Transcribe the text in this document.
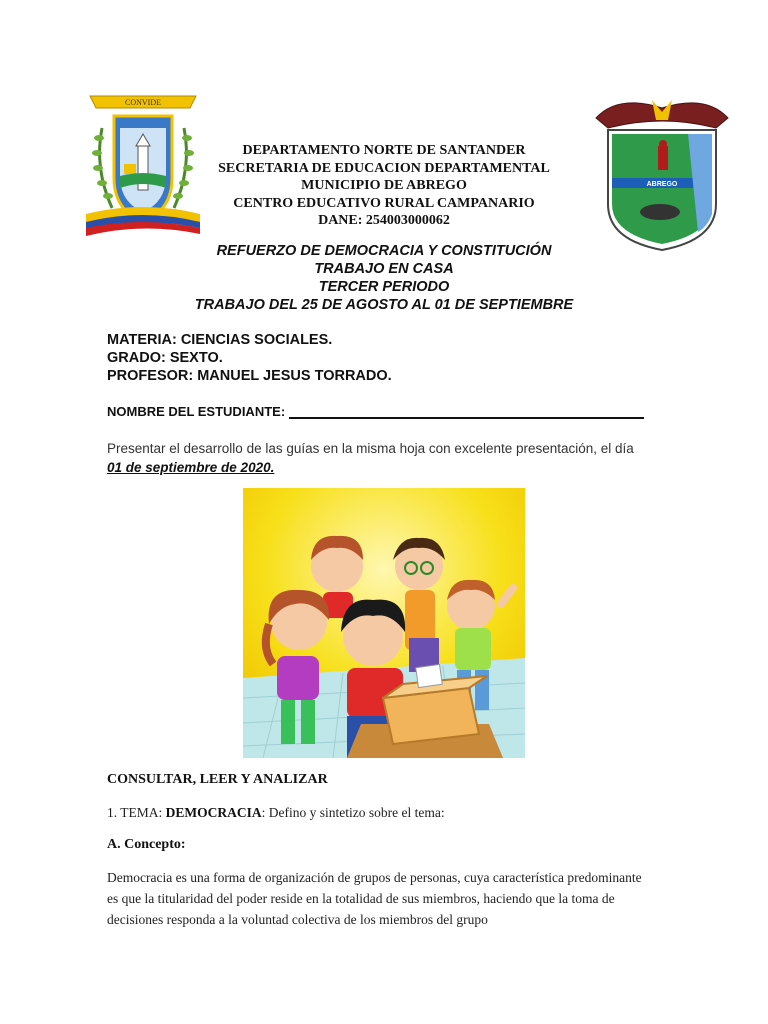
CONVIDE
ABREGO
DEPARTAMENTO NORTE DE SANTANDER
SECRETARIA DE EDUCACION DEPARTAMENTAL
MUNICIPIO DE ABREGO
CENTRO EDUCATIVO RURAL CAMPANARIO
DANE: 254003000062
REFUERZO DE DEMOCRACIA Y CONSTITUCIÓN
TRABAJO EN CASA
TERCER PERIODO
TRABAJO DEL 25 DE AGOSTO AL 01 DE SEPTIEMBRE
MATERIA: CIENCIAS SOCIALES.
GRADO: SEXTO.
PROFESOR: MANUEL JESUS TORRADO.
NOMBRE DEL ESTUDIANTE:
Presentar el desarrollo de las guías en la misma hoja con excelente presentación, el día
01 de septiembre de 2020.
CONSULTAR, LEER Y ANALIZAR
1. TEMA: DEMOCRACIA: Defino y sintetizo sobre el tema:
A. Concepto:
Democracia es una forma de organización de grupos de personas, cuya característica predominante
es que la titularidad del poder reside en la totalidad de sus miembros, haciendo que la toma de
decisiones responda a la voluntad colectiva de los miembros del grupo
